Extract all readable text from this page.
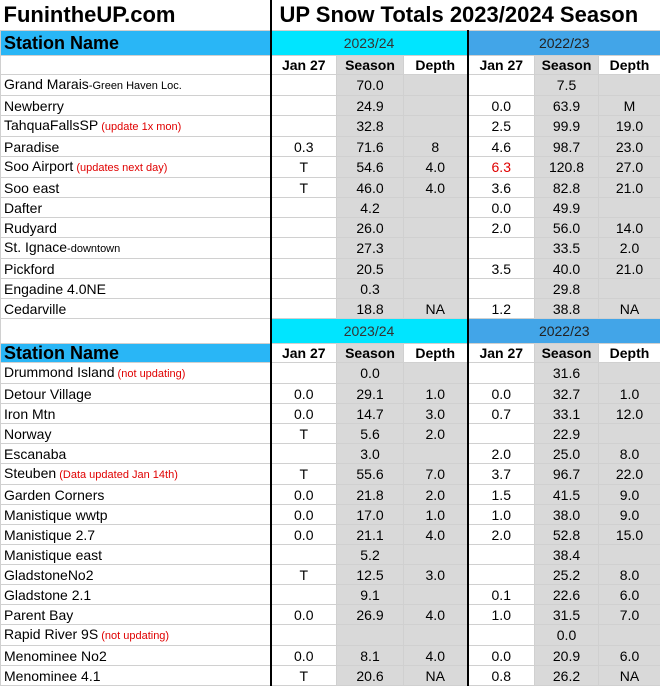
FunintheUP.com	UP Snow Totals 2023/2024 Season					
Station Name	2023/24			2022/23		
	Jan 27	Season	Depth	Jan 27	Season	Depth
Grand Marais-Green Haven Loc.		70.0			7.5	
Newberry		24.9		0.0	63.9	M
TahquaFallsSP (update 1x mon)		32.8		2.5	99.9	19.0
Paradise	0.3	71.6	8	4.6	98.7	23.0
Soo Airport (updates next day)	T	54.6	4.0	6.3	120.8	27.0
Soo east	T	46.0	4.0	3.6	82.8	21.0
Dafter		4.2		0.0	49.9	
Rudyard		26.0		2.0	56.0	14.0
St. Ignace-downtown		27.3			33.5	2.0
Pickford		20.5		3.5	40.0	21.0
Engadine 4.0NE		0.3			29.8	
Cedarville		18.8	NA	1.2	38.8	NA
	2023/24			2022/23		
Station Name	Jan 27	Season	Depth	Jan 27	Season	Depth
Drummond Island (not updating)		0.0			31.6	
Detour Village	0.0	29.1	1.0	0.0	32.7	1.0
Iron Mtn	0.0	14.7	3.0	0.7	33.1	12.0
Norway	T	5.6	2.0		22.9	
Escanaba		3.0		2.0	25.0	8.0
Steuben (Data updated Jan 14th)	T	55.6	7.0	3.7	96.7	22.0
Garden Corners	0.0	21.8	2.0	1.5	41.5	9.0
Manistique wwtp	0.0	17.0	1.0	1.0	38.0	9.0
Manistique 2.7	0.0	21.1	4.0	2.0	52.8	15.0
Manistique east		5.2			38.4	
GladstoneNo2	T	12.5	3.0		25.2	8.0
Gladstone 2.1		9.1		0.1	22.6	6.0
Parent Bay	0.0	26.9	4.0	1.0	31.5	7.0
Rapid River 9S (not updating)					0.0	
Menominee No2	0.0	8.1	4.0	0.0	20.9	6.0
Menominee 4.1	T	20.6	NA	0.8	26.2	NA
